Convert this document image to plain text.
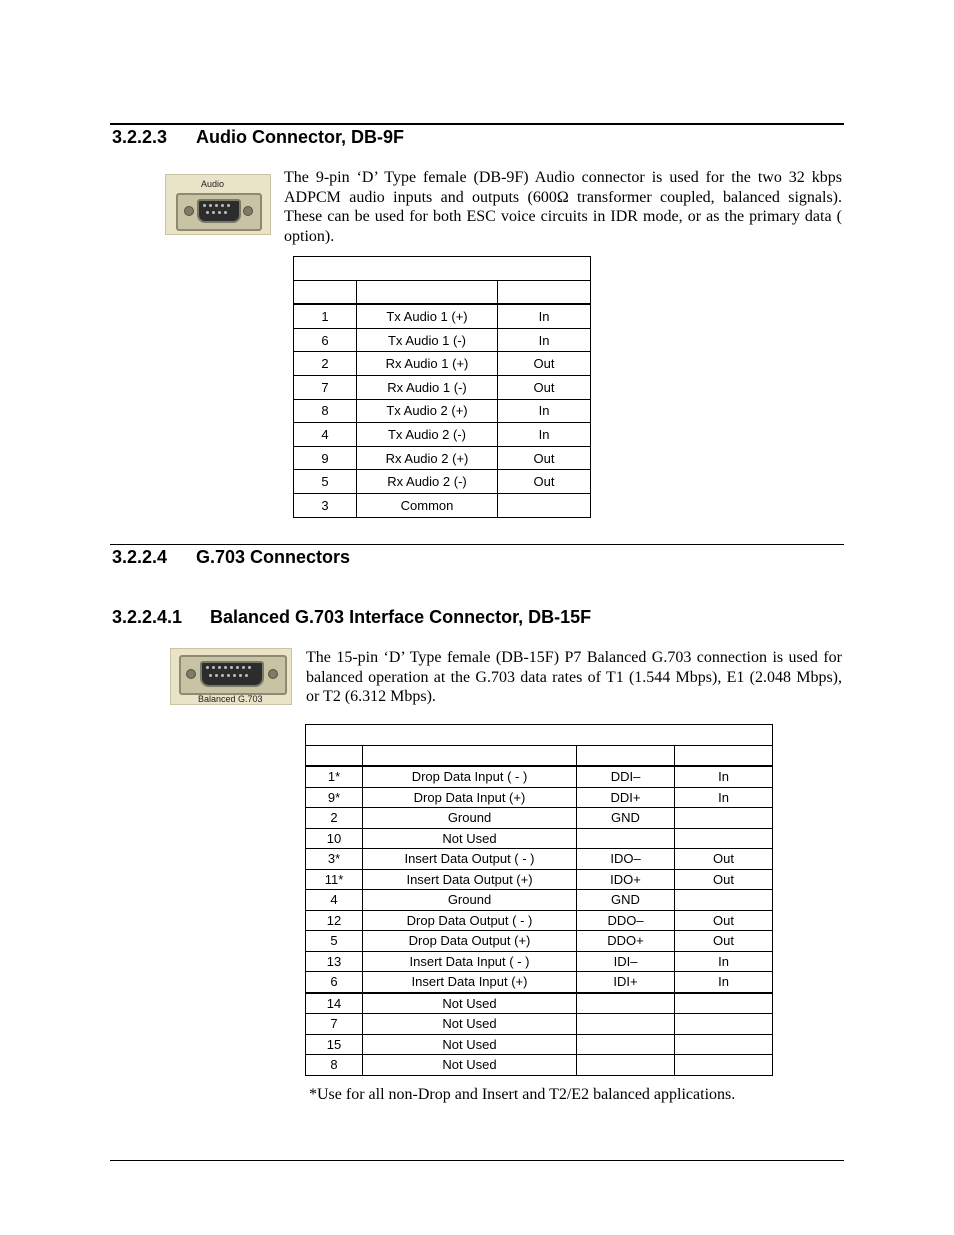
3.2.2.3 Audio Connector, DB-9F
Audio	The 9-pin ‘D’ Type female (DB-9F) Audio connector is used for the two 32 kbps ADPCM audio inputs and outputs (600Ω transformer coupled, balanced signals). These can be used for both ESC voice circuits in IDR mode, or as the primary data ( option).

1	Tx Audio 1 (+)	In
6	Tx Audio 1 (-)	In
2	Rx Audio 1 (+)	Out
7	Rx Audio 1 (-)	Out
8	Tx Audio 2 (+)	In
4	Tx Audio 2 (-)	In
9	Rx Audio 2 (+)	Out
5	Rx Audio 2 (-)	Out
3	Common	
3.2.2.4 G.703 Connectors
3.2.2.4.1 Balanced G.703 Interface Connector, DB-15F
Balanced G.703
The 15-pin ‘D’ Type female (DB-15F) P7 Balanced G.703 connection is used for balanced operation at the G.703 data rates of T1 (1.544 Mbps), E1 (2.048 Mbps), or T2 (6.312 Mbps).

1*	Drop Data Input ( - )	DDI–	In
9*	Drop Data Input (+)	DDI+	In
2	Ground	GND	
10	Not Used		
3*	Insert Data Output ( - )	IDO–	Out
11*	Insert Data Output (+)	IDO+	Out
4	Ground	GND	
12	Drop Data Output ( - )	DDO–	Out
5	Drop Data Output (+)	DDO+	Out
13	Insert Data Input ( - )	IDI–	In
6	Insert Data Input (+)	IDI+	In
14	Not Used		
7	Not Used		
15	Not Used		
8	Not Used		
*Use for all non-Drop and Insert and T2/E2 balanced applications.
